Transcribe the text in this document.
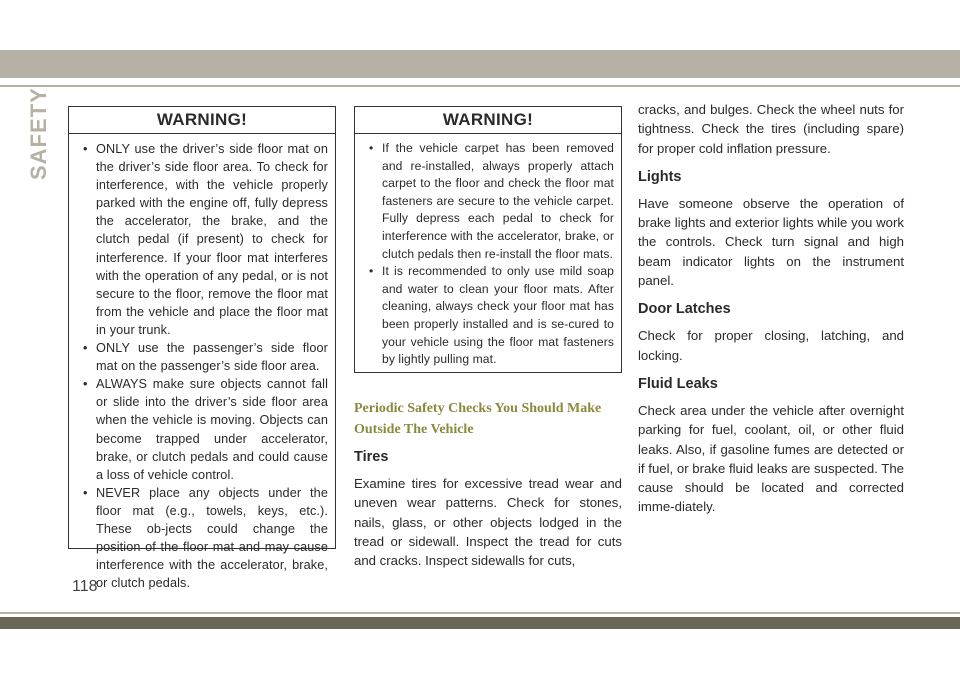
SAFETY	WARNING!
• ONLY use the driver’s side floor mat on the driver’s side floor area. To check for interference, with the vehicle properly parked with the engine off, fully depress the accelerator, the brake, and the clutch pedal (if present) to check for interference. If your floor mat interferes with the operation of any pedal, or is not secure to the floor, remove the floor mat from the vehicle and place the floor mat in your trunk.
• ONLY use the passenger’s side floor mat on the passenger’s side floor area.
• ALWAYS make sure objects cannot fall or slide into the driver’s side floor area when the vehicle is moving. Objects can become trapped under accelerator, brake, or clutch pedals and could cause a loss of vehicle control.
• NEVER place any objects under the floor mat (e.g., towels, keys, etc.). These ob-jects could change the position of the floor mat and may cause interference with the accelerator, brake, or clutch pedals.
WARNING!
• If the vehicle carpet has been removed and re-installed, always properly attach carpet to the floor and check the floor mat fasteners are secure to the vehicle carpet. Fully depress each pedal to check for interference with the accelerator, brake, or clutch pedals then re-install the floor mats.
• It is recommended to only use mild soap and water to clean your floor mats. After cleaning, always check your floor mat has been properly installed and is se-cured to your vehicle using the floor mat fasteners by lightly pulling mat.
Periodic Safety Checks You Should Make Outside The Vehicle
Tires

Examine tires for excessive tread wear and uneven wear patterns. Check for stones, nails, glass, or other objects lodged in the tread or sidewall. Inspect the tread for cuts and cracks. Inspect sidewalls for cuts,

cracks, and bulges. Check the wheel nuts for tightness. Check the tires (including spare) for proper cold inflation pressure.

Lights

Have someone observe the operation of brake lights and exterior lights while you work the controls. Check turn signal and high beam indicator lights on the instrument panel.

Door Latches

Check for proper closing, latching, and locking.

Fluid Leaks

Check area under the vehicle after overnight parking for fuel, coolant, oil, or other fluid leaks. Also, if gasoline fumes are detected or if fuel, or brake fluid leaks are suspected. The cause should be located and corrected imme-diately.

118
